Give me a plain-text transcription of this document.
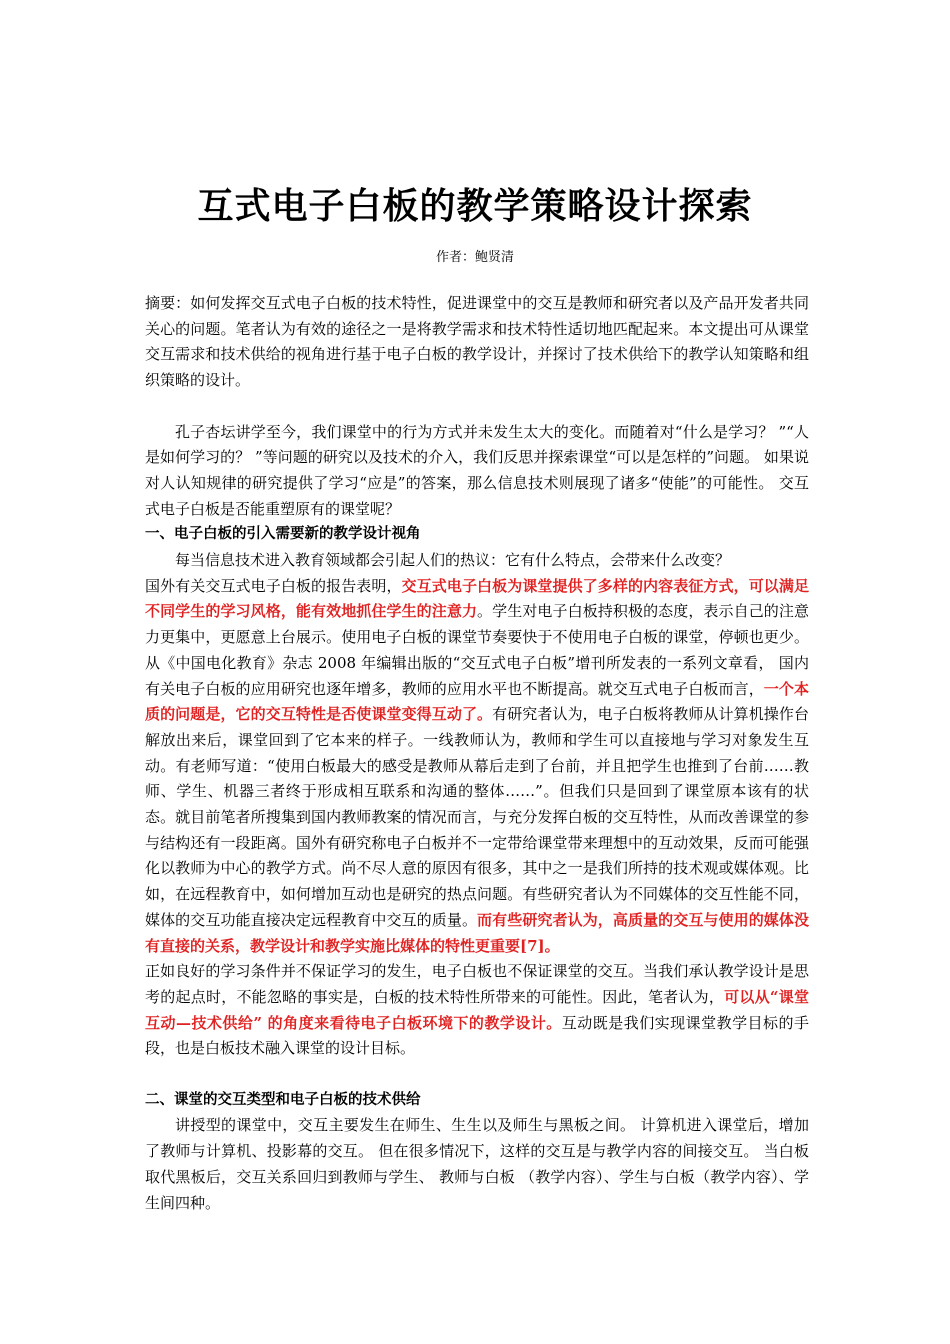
互式电子白板的教学策略设计探索
作者：鲍贤清

摘要：如何发挥交互式电子白板的技术特性，促进课堂中的交互是教师和研究者以及产品开发者共同关心的问题。笔者认为有效的途径之一是将教学需求和技术特性适切地匹配起来。本文提出可从课堂交互需求和技术供给的视角进行基于电子白板的教学设计，并探讨了技术供给下的教学认知策略和组织策略的设计。

孔子杏坛讲学至今，我们课堂中的行为方式并未发生太大的变化。而随着对“什么是学习？ ”“人是如何学习的？ ”等问题的研究以及技术的介入，我们反思并探索课堂“可以是怎样的”问题。 如果说对人认知规律的研究提供了学习“应是”的答案，那么信息技术则展现了诸多“使能”的可能性。 交互式电子白板是否能重塑原有的课堂呢？

一、电子白板的引入需要新的教学设计视角

每当信息技术进入教育领域都会引起人们的热议：它有什么特点，会带来什么改变？

国外有关交互式电子白板的报告表明，交互式电子白板为课堂提供了多样的内容表征方式，可以满足不同学生的学习风格，能有效地抓住学生的注意力。学生对电子白板持积极的态度，表示自己的注意力更集中，更愿意上台展示。使用电子白板的课堂节奏要快于不使用电子白板的课堂，停顿也更少。从《中国电化教育》杂志 2008 年编辑出版的“交互式电子白板”增刊所发表的一系列文章看， 国内有关电子白板的应用研究也逐年增多，教师的应用水平也不断提高。就交互式电子白板而言，一个本质的问题是，它的交互特性是否使课堂变得互动了。有研究者认为，电子白板将教师从计算机操作台解放出来后，课堂回到了它本来的样子。一线教师认为，教师和学生可以直接地与学习对象发生互动。有老师写道：“使用白板最大的感受是教师从幕后走到了台前，并且把学生也推到了台前……教师、学生、机器三者终于形成相互联系和沟通的整体……”。但我们只是回到了课堂原本该有的状态。就目前笔者所搜集到国内教师教案的情况而言，与充分发挥白板的交互特性，从而改善课堂的参与结构还有一段距离。国外有研究称电子白板并不一定带给课堂带来理想中的互动效果，反而可能强化以教师为中心的教学方式。尚不尽人意的原因有很多，其中之一是我们所持的技术观或媒体观。比如，在远程教育中，如何增加互动也是研究的热点问题。有些研究者认为不同媒体的交互性能不同，媒体的交互功能直接决定远程教育中交互的质量。而有些研究者认为，高质量的交互与使用的媒体没有直接的关系，教学设计和教学实施比媒体的特性更重要[7]。

正如良好的学习条件并不保证学习的发生，电子白板也不保证课堂的交互。当我们承认教学设计是思考的起点时，不能忽略的事实是，白板的技术特性所带来的可能性。因此，笔者认为，可以从“课堂互动—技术供给” 的角度来看待电子白板环境下的教学设计。互动既是我们实现课堂教学目标的手段，也是白板技术融入课堂的设计目标。

二、课堂的交互类型和电子白板的技术供给

讲授型的课堂中，交互主要发生在师生、生生以及师生与黑板之间。 计算机进入课堂后，增加了教师与计算机、投影幕的交互。 但在很多情况下，这样的交互是与教学内容的间接交互。 当白板取代黑板后，交互关系回归到教师与学生、 教师与白板 （教学内容）、学生与白板（教学内容）、学生间四种。
